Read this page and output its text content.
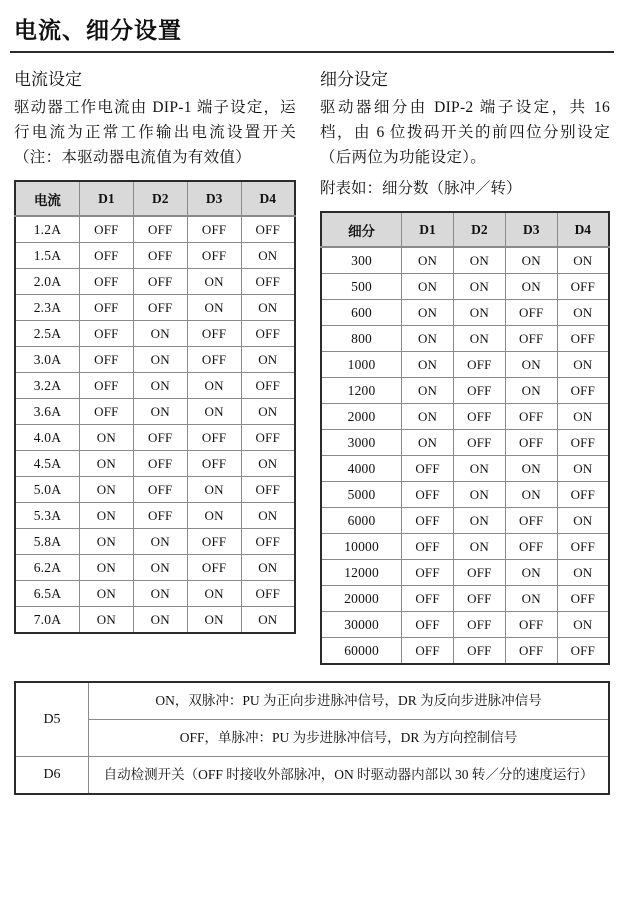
电流、细分设置
电流设定
驱动器工作电流由 DIP-1 端子设定，运行电流为正常工作输出电流设置开关（注：本驱动器电流值为有效值）
电流	D1	D2	D3	D4
1.2A	OFF	OFF	OFF	OFF
1.5A	OFF	OFF	OFF	ON
2.0A	OFF	OFF	ON	OFF
2.3A	OFF	OFF	ON	ON
2.5A	OFF	ON	OFF	OFF
3.0A	OFF	ON	OFF	ON
3.2A	OFF	ON	ON	OFF
3.6A	OFF	ON	ON	ON
4.0A	ON	OFF	OFF	OFF
4.5A	ON	OFF	OFF	ON
5.0A	ON	OFF	ON	OFF
5.3A	ON	OFF	ON	ON
5.8A	ON	ON	OFF	OFF
6.2A	ON	ON	OFF	ON
6.5A	ON	ON	ON	OFF
7.0A	ON	ON	ON	ON
细分设定
驱动器细分由 DIP-2 端子设定，共 16 档，由 6 位拨码开关的前四位分别设定（后两位为功能设定）。
附表如：细分数（脉冲／转）
细分	D1	D2	D3	D4
300	ON	ON	ON	ON
500	ON	ON	ON	OFF
600	ON	ON	OFF	ON
800	ON	ON	OFF	OFF
1000	ON	OFF	ON	ON
1200	ON	OFF	ON	OFF
2000	ON	OFF	OFF	ON
3000	ON	OFF	OFF	OFF
4000	OFF	ON	ON	ON
5000	OFF	ON	ON	OFF
6000	OFF	ON	OFF	ON
10000	OFF	ON	OFF	OFF
12000	OFF	OFF	ON	ON
20000	OFF	OFF	ON	OFF
30000	OFF	OFF	OFF	ON
60000	OFF	OFF	OFF	OFF
D5	ON，双脉冲：PU 为正向步进脉冲信号，DR 为反向步进脉冲信号
	OFF，单脉冲：PU 为步进脉冲信号，DR 为方向控制信号
D6	自动检测开关（OFF 时接收外部脉冲，ON 时驱动器内部以 30 转／分的速度运行）
